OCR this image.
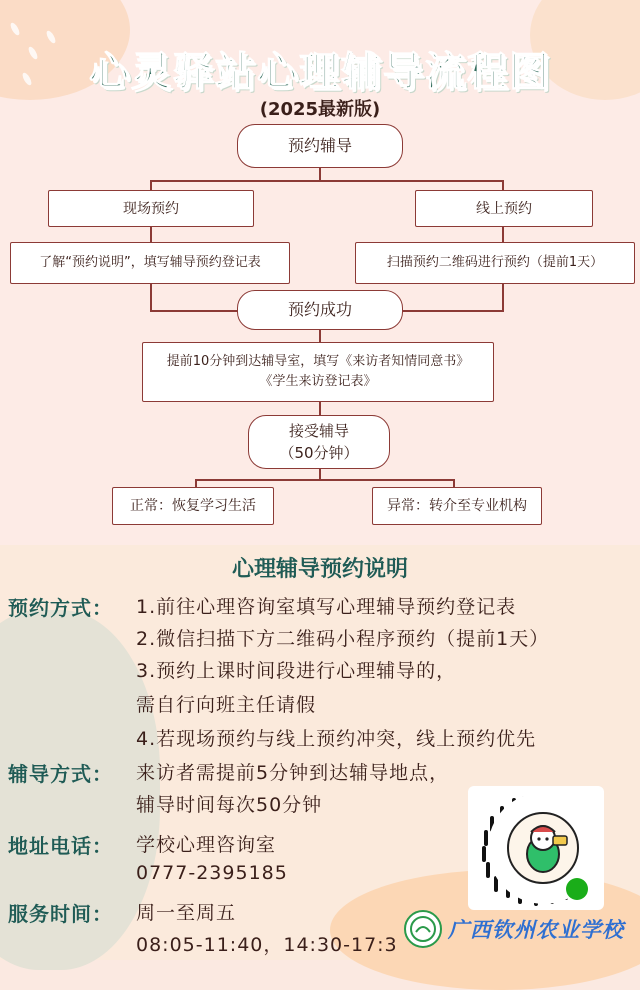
心灵驿站心理辅导流程图
(2025最新版)
预约辅导
现场预约	线上预约
了解“预约说明”，填写辅导预约登记表	扫描预约二维码进行预约（提前1天）
预约成功
提前10分钟到达辅导室，填写《来访者知情同意书》
《学生来访登记表》
接受辅导
（50分钟）
正常：恢复学习生活	异常：转介至专业机构
心理辅导预约说明
预约方式： 1.前往心理咨询室填写心理辅导预约登记表
2.微信扫描下方二维码小程序预约（提前1天）
3.预约上课时间段进行心理辅导的，
需自行向班主任请假
4.若现场预约与线上预约冲突，线上预约优先
辅导方式： 来访者需提前5分钟到达辅导地点，
辅导时间每次50分钟
地址电话： 学校心理咨询室
0777-2395185
服务时间： 周一至周五
08:05-11:40，14:30-17:3
广西钦州农业学校
